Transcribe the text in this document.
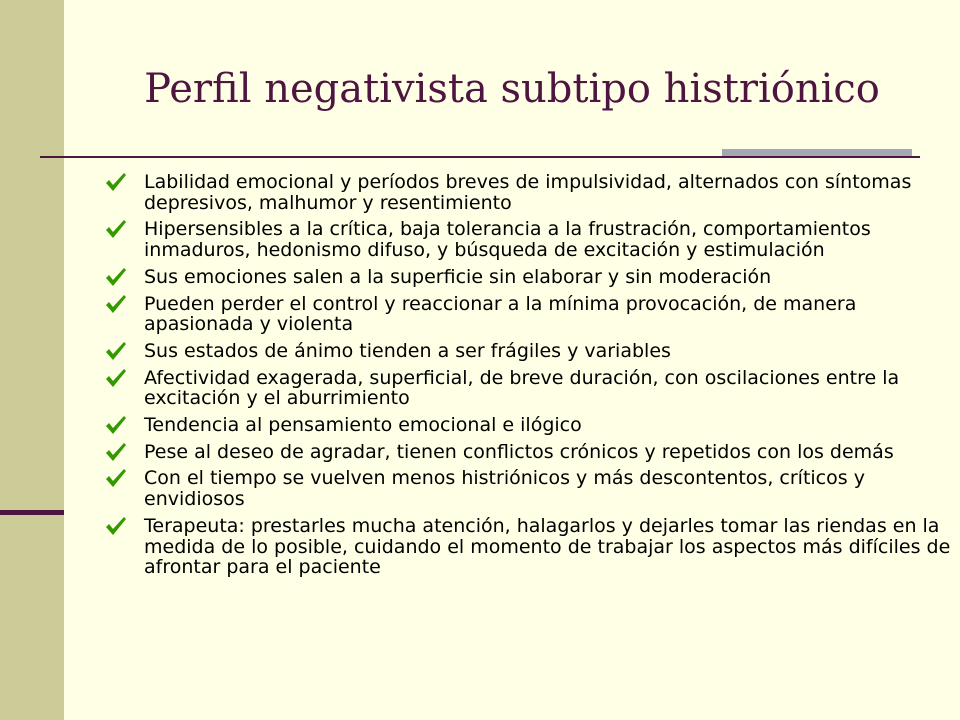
Perfil negativista subtipo histriónico
Labilidad emocional y períodos breves de impulsividad, alternados con síntomas depresivos, malhumor y resentimiento
Hipersensibles a la crítica, baja tolerancia a la frustración, comportamientos inmaduros, hedonismo difuso, y búsqueda de excitación y estimulación
Sus emociones salen a la superficie sin elaborar y sin moderación
Pueden perder el control y reaccionar a la mínima provocación, de manera apasionada y violenta
Sus estados de ánimo tienden a ser frágiles y variables
Afectividad exagerada, superficial, de breve duración, con oscilaciones entre la excitación y el aburrimiento
Tendencia al pensamiento emocional e ilógico
Pese al deseo de agradar, tienen conflictos crónicos y repetidos con los demás
Con el tiempo se vuelven menos histriónicos y más descontentos, críticos y envidiosos
Terapeuta: prestarles mucha atención, halagarlos y dejarles tomar las riendas en la medida de lo posible, cuidando el momento de trabajar los aspectos más difíciles de afrontar para el paciente
